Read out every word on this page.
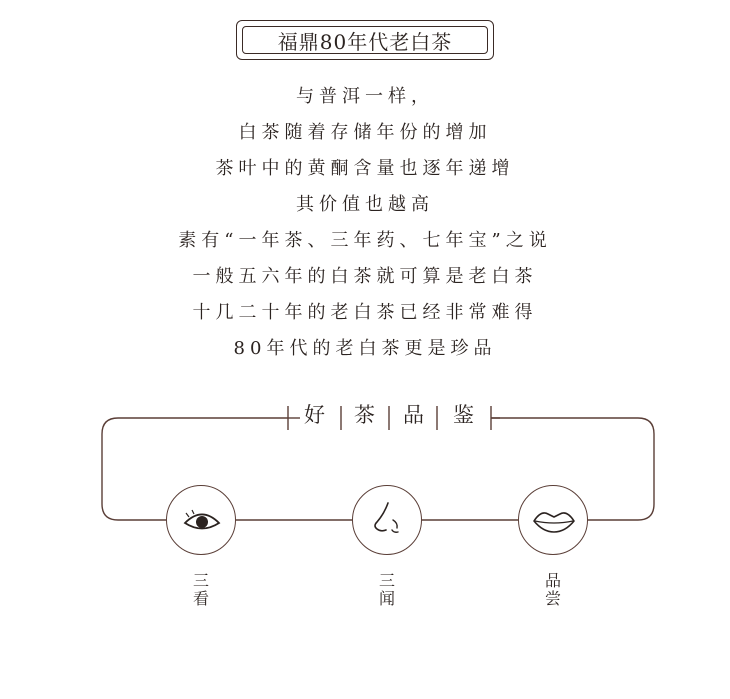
福鼎80年代老白茶
与普洱一样，
白茶随着存储年份的增加
茶叶中的黄酮含量也逐年递增
其价值也越高
素有“一年茶、三年药、七年宝”之说
一般五六年的白茶就可算是老白茶
十几二十年的老白茶已经非常难得
80年代的老白茶更是珍品
好 茶 品 鉴
三
看
三
闻
品
尝
